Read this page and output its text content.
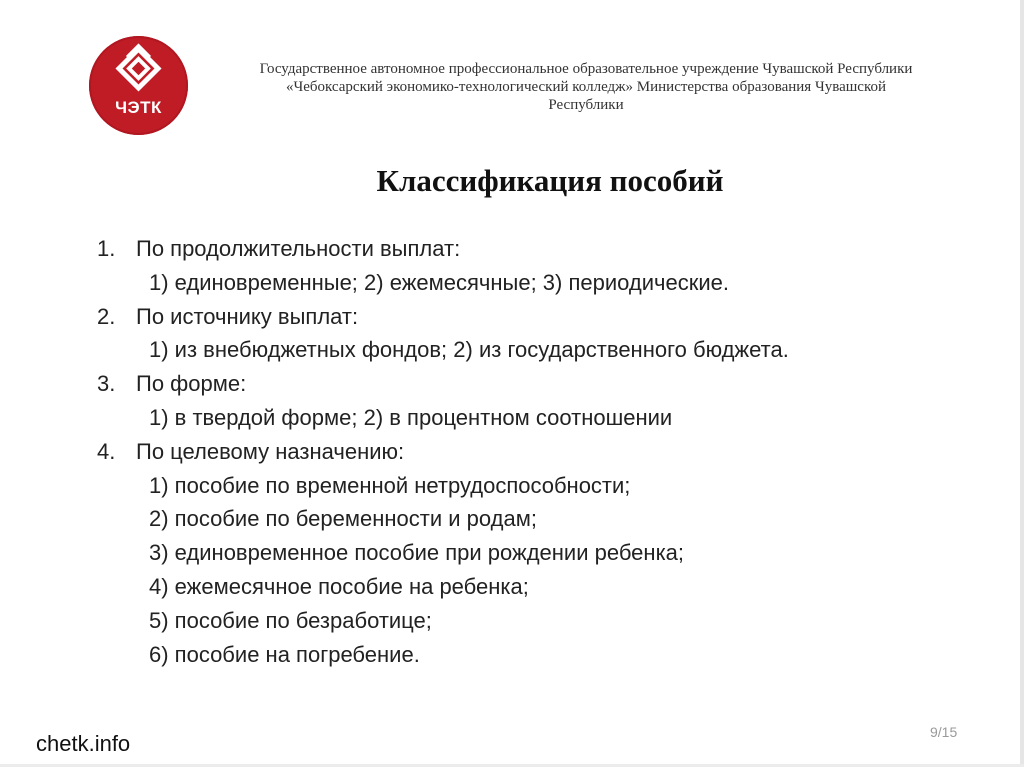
ЧЭТК
Государственное автономное профессиональное образовательное учреждение Чувашской Республики
«Чебоксарский экономико-технологический колледж» Министерства образования Чувашской
Республики
Классификация пособий
1. По продолжительности выплат:
1) единовременные; 2) ежемесячные; 3) периодические.
2. По источнику выплат:
1) из внебюджетных фондов; 2) из государственного бюджета.
3. По форме:
1) в твердой форме; 2) в процентном соотношении
4. По целевому назначению:
1) пособие по временной нетрудоспособности;
2) пособие по беременности и родам;
3) единовременное пособие при рождении ребенка;
4) ежемесячное пособие на ребенка;
5) пособие по безработице;
6) пособие на погребение.
chetk.info	9/15
